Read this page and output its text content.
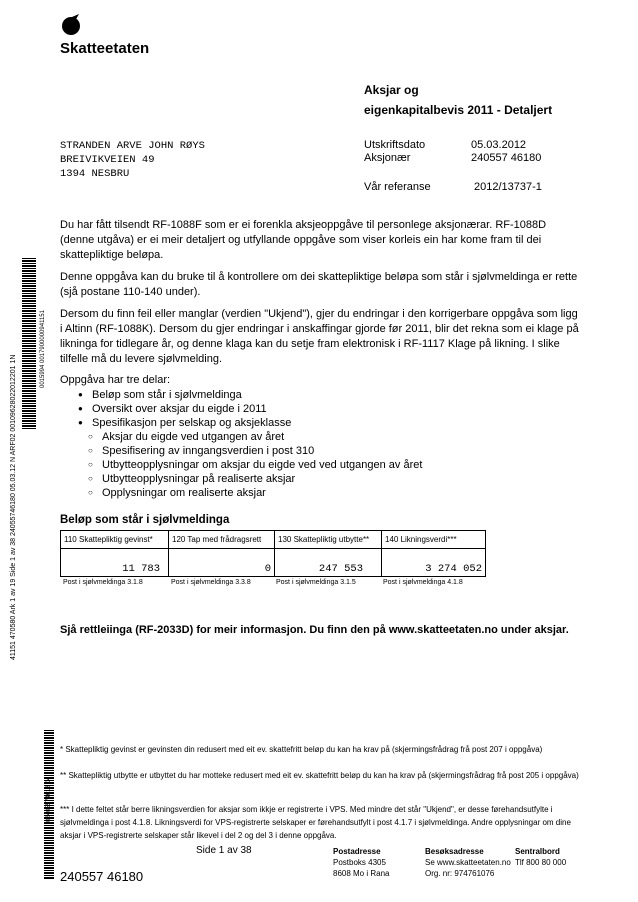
Skatteetaten
Aksjar og
eigenkapitalbevis 2011 - Detaljert
STRANDEN ARVE JOHN RØYS
BREIVIKVEIEN 49
1394 NESBRU
Utskriftsdato	05.03.2012
Aksjonær	240557 46180
Vår referanse	2012/13737-1
Du har fått tilsendt RF-1088F som er ei forenkla aksjeoppgåve til personlege aksjonærar. RF-1088D (denne utgåva) er ei meir detaljert og utfyllande oppgåve som viser korleis ein har kome fram til dei skattepliktige beløpa.
Denne oppgåva kan du bruke til å kontrollere om dei skattepliktige beløpa som står i sjølvmeldinga er rette (sjå postane 110-140 under).
Dersom du finn feil eller manglar (verdien "Ukjend"), gjer du endringar i den korrigerbare oppgåva som ligg i Altinn (RF-1088K). Dersom du gjer endringar i anskaffingar gjorde før 2011, blir det rekna som ei klage på likninga for tidlegare år, og denne klaga kan du setje fram elektronisk i RF-1117 Klage på likning. I slike tilfelle må du levere sjølvmelding.
Oppgåva har tre delar:
● Beløp som står i sjølvmeldinga
● Oversikt over aksjar du eigde i 2011
● Spesifikasjon per selskap og aksjeklasse
○ Aksjar du eigde ved utgangen av året
○ Spesifisering av inngangsverdien i post 310
○ Utbytteopplysningar om aksjar du eigde ved ved utgangen av året
○ Utbytteopplysningar på realiserte aksjar
○ Opplysningar om realiserte aksjar
Beløp som står i sjølvmeldinga
110 Skattepliktig gevinst*	120 Tap med frådragsrett	130 Skattepliktig utbytte**	140 Likningsverdi***
11 783	0	247 553	3 274 052
Post i sjølvmeldinga 3.1.8	Post i sjølvmeldinga 3.3.8	Post i sjølvmeldinga 3.1.5	Post i sjølvmeldinga 4.1.8
Sjå rettleiinga (RF-2033D) for meir informasjon. Du finn den på www.skatteetaten.no under aksjar.
* Skattepliktig gevinst er gevinsten din redusert med eit ev. skattefritt beløp du kan ha krav på (skjermingsfrådrag frå post 207 i oppgåva)
** Skattepliktig utbytte er utbyttet du har motteke redusert med eit ev. skattefritt beløp du kan ha krav på (skjermingsfrådrag frå post 205 i oppgåva)
*** I dette feltet står berre likningsverdien for aksjar som ikkje er registrerte i VPS. Med mindre det står "Ukjend", er desse førehandsutfylte i sjølvmeldinga i post 4.1.8. Likningsverdi for VPS-registrerte selskaper er førehandsutfylt i post 4.1.7 i sjølvmeldinga. Andre opplysningar om dine aksjar i VPS-registrerte selskaper står likevel i del 2 og del 3 i denne oppgåva.
Side 1 av 38	Postadresse
Postboks 4305
8608 Mo i Rana
Besøksadresse
Se www.skatteetaten.no
Org. nr: 974761076
Sentralbord
Tlf 800 80 000
240557 46180
41151 470580 Ark 1 av 19 Side 1 av 38 24055746180 05.03.12 N ARF02 00109628022012201 1N
0015994 0017900000941151
02405574618 04
